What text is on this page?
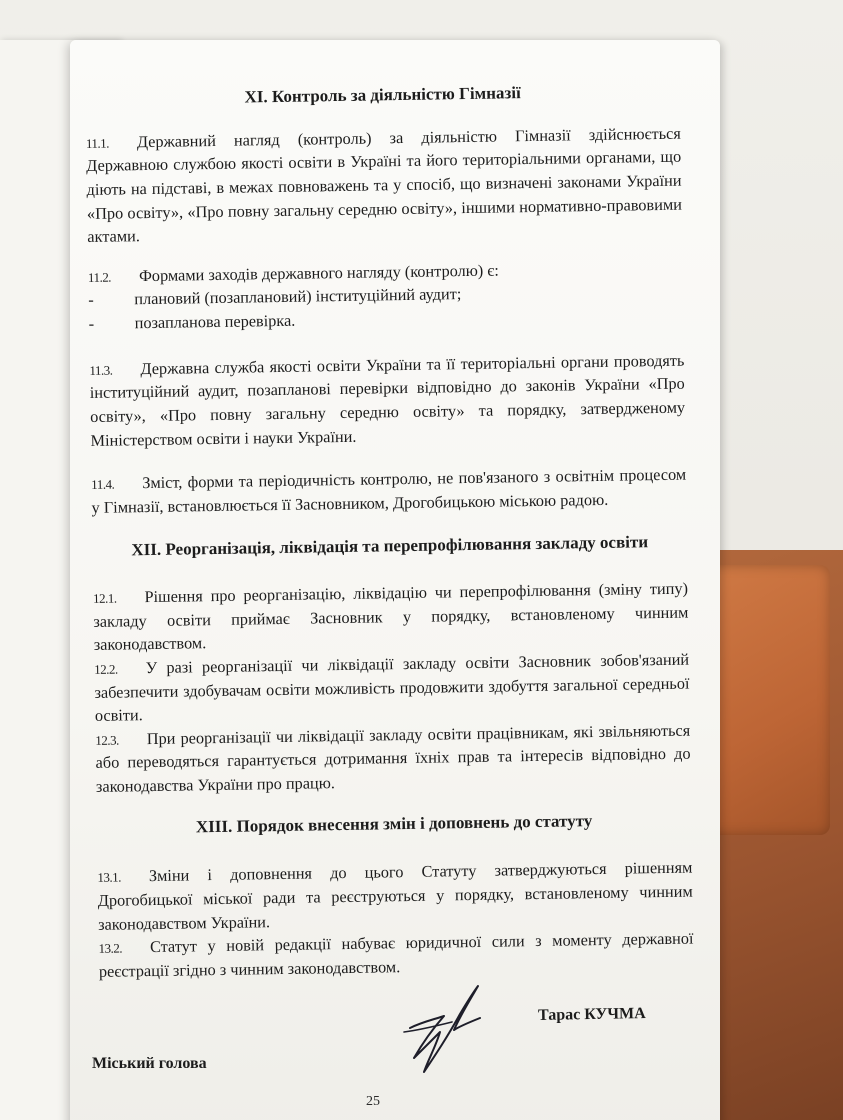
XI. Контроль за діяльністю Гімназії

11.1. Державний нагляд (контроль) за діяльністю Гімназії здійснюється Державною службою якості освіти в Україні та його територіальними органами, що діють на підставі, в межах повноважень та у спосіб, що визначені законами України «Про освіту», «Про повну загальну середню освіту», іншими нормативно-правовими актами.

11.2. Формами заходів державного нагляду (контролю) є:

-	плановий (позаплановий) інституційний аудит;
-	позапланова перевірка.

11.3. Державна служба якості освіти України та її територіальні органи проводять інституційний аудит, позапланові перевірки відповідно до законів України «Про освіту», «Про повну загальну середню освіту» та порядку, затвердженому Міністерством освіти і науки України.

11.4. Зміст, форми та періодичність контролю, не пов'язаного з освітнім процесом у Гімназії, встановлюється її Засновником, Дрогобицькою міською радою.

XII. Реорганізація, ліквідація та перепрофілювання закладу освіти

12.1. Рішення про реорганізацію, ліквідацію чи перепрофілювання (зміну типу) закладу освіти приймає Засновник у порядку, встановленому чинним законодавством.

12.2. У разі реорганізації чи ліквідації закладу освіти Засновник зобов'язаний забезпечити здобувачам освіти можливість продовжити здобуття загальної середньої освіти.

12.3. При реорганізації чи ліквідації закладу освіти працівникам, які звільняються або переводяться гарантується дотримання їхніх прав та інтересів відповідно до законодавства України про працю.

XIII. Порядок внесення змін і доповнень до статуту

13.1. Зміни і доповнення до цього Статуту затверджуються рішенням Дрогобицької міської ради та реєструються у порядку, встановленому чинним законодавством України.

13.2. Статут у новій редакції набуває юридичної сили з моменту державної реєстрації згідно з чинним законодавством.

Тарас КУЧМА
Міський голова
25
